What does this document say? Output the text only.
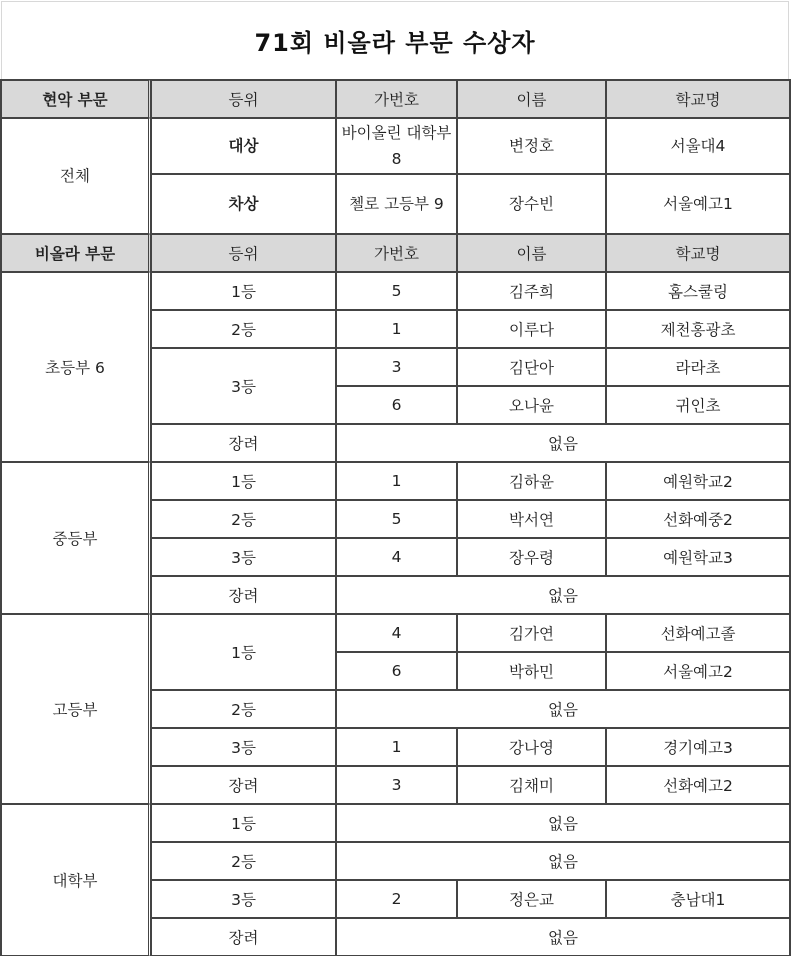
71회 비올라 부문 수상자
현악 부문	등위	가번호	이름	학교명
전체	대상	바이올린 대학부 8	변정호	서울대4
	차상	첼로 고등부 9	장수빈	서울예고1
비올라 부문	등위	가번호	이름	학교명
초등부 6	1등	5	김주희	홈스쿨링
	2등	1	이루다	제천홍광초
	3등	3	김단아	라라초
		6	오나윤	귀인초
	장려	없음		
중등부	1등	1	김하윤	예원학교2
	2등	5	박서연	선화예중2
	3등	4	장우령	예원학교3
	장려	없음		
고등부	1등	4	김가연	선화예고졸
		6	박하민	서울예고2
	2등	없음		
	3등	1	강나영	경기예고3
	장려	3	김채미	선화예고2
대학부	1등	없음		
	2등	없음		
	3등	2	정은교	충남대1
	장려	없음		
